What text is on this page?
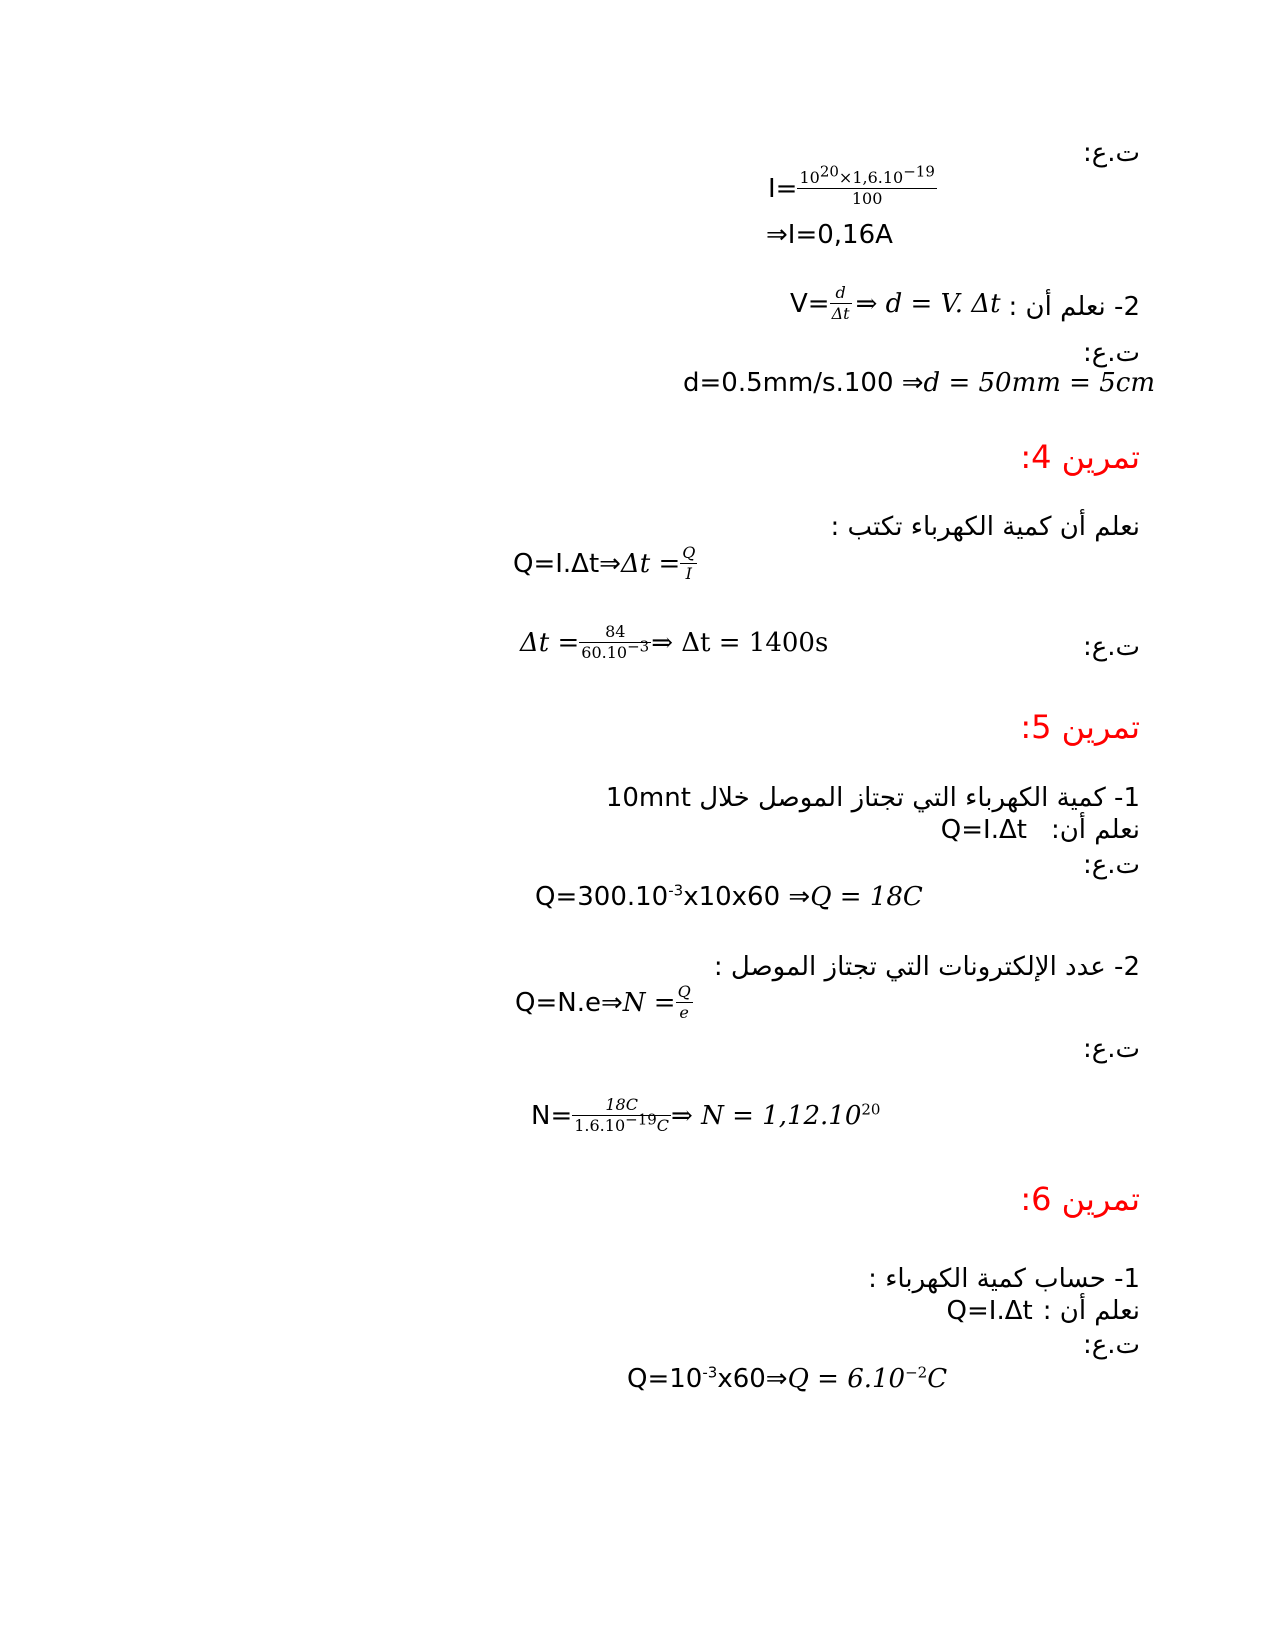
ت.ع:
$I= \frac{10^{20}\times 1,6.10^{-19}}{100}$
⇒I=0,16A
2- نعلم أن :
$V= \frac{d}{\Delta t}$ ⇒ d = V. Δt
ت.ع:
d=0.5mm/s.100 ⇒ d = 50mm = 5cm
تمرين 4:
نعلم أن كمية الكهرباء تكتب :
Q=I.Δt⇒ $\Delta t = \frac{Q}{I}$
ت.ع:
$\Delta t = \frac{84}{60.10^{-3}}$ ⇒ Δt = 1400s
تمرين 5:
1- كمية الكهرباء التي تجتاز الموصل خلال 10mnt
نعلم أن:
Q=I.Δt
ت.ع:
$Q=300.10^{-3}x10x60$ ⇒ Q = 18C
2- عدد الإلكترونات التي تجتاز الموصل :
Q=N.e⇒ $N = \frac{Q}{e}$
ت.ع:
$N= \frac{18C}{1.6.10^{-19}C}$ ⇒ $N = 1,12.10^{20}$
تمرين 6:
1- حساب كمية الكهرباء :
نعلم أن :
Q=I.Δt
ت.ع:
$Q=10^{-3}x60\Rightarrow$ $Q = 6.10^{-2}C$
